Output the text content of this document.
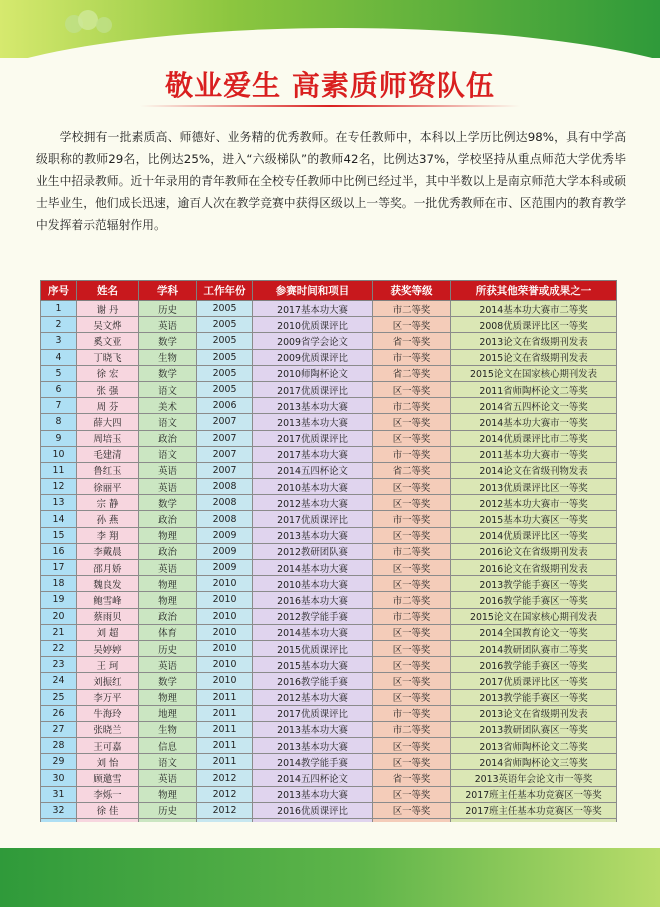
敬业爱生 高素质师资队伍
学校拥有一批素质高、师德好、业务精的优秀教师。在专任教师中，本科以上学历比例达98%，具有中学高级职称的教师29名，比例达25%，进入“六级梯队”的教师42名，比例达37%，学校坚持从重点师范大学优秀毕业生中招录教师。近十年录用的青年教师在全校专任教师中比例已经过半，其中半数以上是南京师范大学本科或硕士毕业生，他们成长迅速，逾百人次在教学竞赛中获得区级以上一等奖。一批优秀教师在市、区范围内的教育教学中发挥着示范辐射作用。
序号	姓名	学科	工作年份	参赛时间和项目	获奖等级	所获其他荣誉或成果之一
1	谢 丹	历史	2005	2017基本功大赛	市二等奖	2014基本功大赛市二等奖
2	吴文烨	英语	2005	2010优质课评比	区一等奖	2008优质课评比区一等奖
3	奚文亚	数学	2005	2009省学会论文	省一等奖	2013论文在省级期刊发表
4	丁晓飞	生物	2005	2009优质课评比	市一等奖	2015论文在省级期刊发表
5	徐 宏	数学	2005	2010师陶杯论文	省二等奖	2015论文在国家核心期刊发表
6	张 强	语文	2005	2017优质课评比	区一等奖	2011省师陶杯论文二等奖
7	周 芬	美术	2006	2013基本功大赛	市二等奖	2014省五四杯论文一等奖
8	薛大四	语文	2007	2013基本功大赛	区一等奖	2014基本功大赛市一等奖
9	周培玉	政治	2007	2017优质课评比	区一等奖	2014优质课评比市二等奖
10	毛建清	语文	2007	2017基本功大赛	市一等奖	2011基本功大赛市一等奖
11	鲁红玉	英语	2007	2014五四杯论文	省二等奖	2014论文在省级刊物发表
12	徐丽平	英语	2008	2010基本功大赛	区一等奖	2013优质课评比区一等奖
13	宗 静	数学	2008	2012基本功大赛	区一等奖	2012基本功大赛市一等奖
14	孙 燕	政治	2008	2017优质课评比	市一等奖	2015基本功大赛区一等奖
15	李 翔	物理	2009	2013基本功大赛	区一等奖	2014优质课评比区一等奖
16	李戴晨	政治	2009	2012教研团队赛	市二等奖	2016论文在省级期刊发表
17	邵月娇	英语	2009	2014基本功大赛	区一等奖	2016论文在省级期刊发表
18	魏良发	物理	2010	2010基本功大赛	区一等奖	2013教学能手赛区一等奖
19	鲍雪峰	物理	2010	2016基本功大赛	市二等奖	2016教学能手赛区一等奖
20	蔡雨贝	政治	2010	2012教学能手赛	市二等奖	2015论文在国家核心期刊发表
21	刘 超	体育	2010	2014基本功大赛	区一等奖	2014全国教育论文一等奖
22	吴婷婷	历史	2010	2015优质课评比	区一等奖	2014教研团队赛市二等奖
23	王 珂	英语	2010	2015基本功大赛	区一等奖	2016教学能手赛区一等奖
24	刘振红	数学	2010	2016教学能手赛	区一等奖	2017优质课评比区一等奖
25	李万平	物理	2011	2012基本功大赛	区一等奖	2013教学能手赛区一等奖
26	牛海玲	地理	2011	2017优质课评比	市一等奖	2013论文在省级期刊发表
27	张晓兰	生物	2011	2013基本功大赛	市二等奖	2013教研团队赛区一等奖
28	王可嘉	信息	2011	2013基本功大赛	区一等奖	2013省师陶杯论文二等奖
29	刘 怡	语文	2011	2014教学能手赛	区一等奖	2014省师陶杯论文三等奖
30	顾邀雪	英语	2012	2014五四杯论文	省一等奖	2013英语年会论文市一等奖
31	李烁一	物理	2012	2013基本功大赛	区一等奖	2017班主任基本功竞赛区一等奖
32	徐 佳	历史	2012	2016优质课评比	区一等奖	2017班主任基本功竞赛区一等奖
